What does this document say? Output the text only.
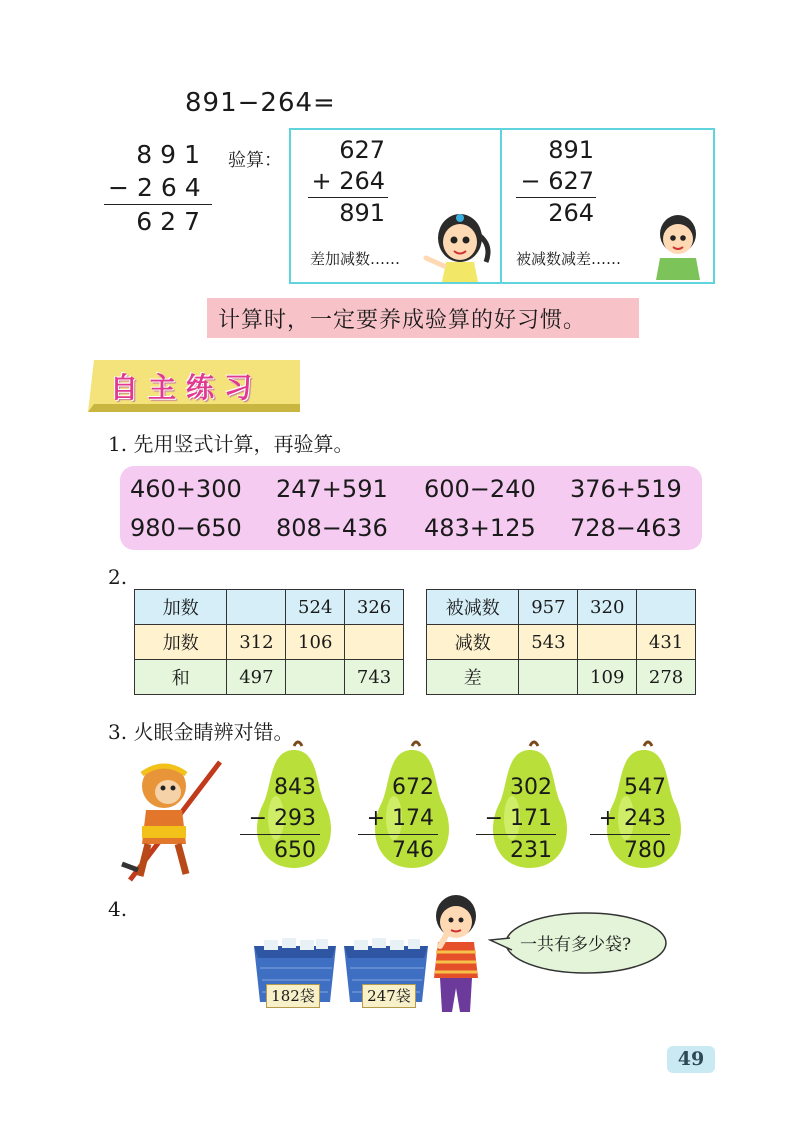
891−264=
891
−264
627
验算：	627
+ 264
891
差加减数……
891
− 627
264
被减数减差……
计算时，一定要养成验算的好习惯。
自主练习
1. 先用竖式计算，再验算。
460+300 247+591 600−240 376+519
980−650 808−436 483+125 728−463
2.
加数		524	326
加数	312	106	
和	497		743
被减数	957	320	
减数	543		431
差		109	278
3. 火眼金睛辨对错。
843
− 293
650
672
+ 174
746
302
− 171
231
547
+ 243
780
4.
182袋	247袋
一共有多少袋?
49
